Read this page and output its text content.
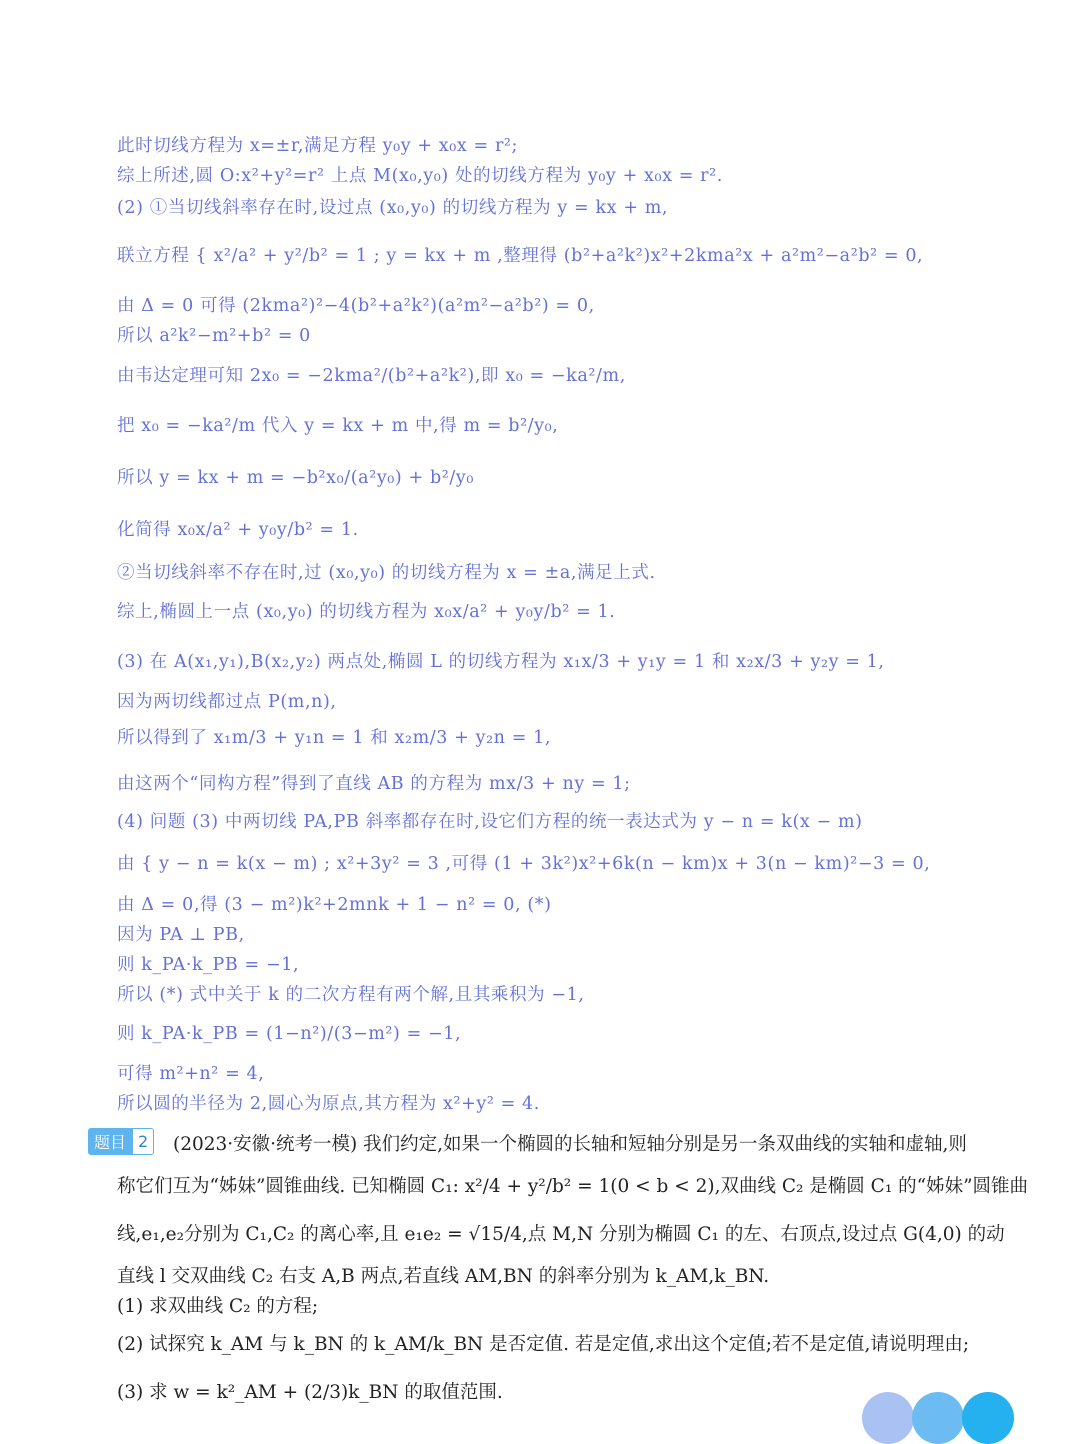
此时切线方程为 x=±r,满足方程 y₀y + x₀x = r²;
综上所述,圆 O:x²+y²=r² 上点 M(x₀,y₀) 处的切线方程为 y₀y + x₀x = r².
(2) ①当切线斜率存在时,设过点 (x₀,y₀) 的切线方程为 y = kx + m,
联立方程 { x²/a² + y²/b² = 1 ; y = kx + m ,整理得 (b²+a²k²)x²+2kma²x + a²m²−a²b² = 0,
由 Δ = 0 可得 (2kma²)²−4(b²+a²k²)(a²m²−a²b²) = 0,
所以 a²k²−m²+b² = 0
由韦达定理可知 2x₀ = −2kma²/(b²+a²k²),即 x₀ = −ka²/m,
把 x₀ = −ka²/m 代入 y = kx + m 中,得 m = b²/y₀,
所以 y = kx + m = −b²x₀/(a²y₀) + b²/y₀
化简得 x₀x/a² + y₀y/b² = 1.
②当切线斜率不存在时,过 (x₀,y₀) 的切线方程为 x = ±a,满足上式.
综上,椭圆上一点 (x₀,y₀) 的切线方程为 x₀x/a² + y₀y/b² = 1.
(3) 在 A(x₁,y₁),B(x₂,y₂) 两点处,椭圆 L 的切线方程为 x₁x/3 + y₁y = 1 和 x₂x/3 + y₂y = 1,
因为两切线都过点 P(m,n),
所以得到了 x₁m/3 + y₁n = 1 和 x₂m/3 + y₂n = 1,
由这两个“同构方程”得到了直线 AB 的方程为 mx/3 + ny = 1;
(4) 问题 (3) 中两切线 PA,PB 斜率都存在时,设它们方程的统一表达式为 y − n = k(x − m)
由 { y − n = k(x − m) ; x²+3y² = 3 ,可得 (1 + 3k²)x²+6k(n − km)x + 3(n − km)²−3 = 0,
由 Δ = 0,得 (3 − m²)k²+2mnk + 1 − n² = 0, (*)
因为 PA ⊥ PB,
则 k_PA·k_PB = −1,
所以 (*) 式中关于 k 的二次方程有两个解,且其乘积为 −1,
则 k_PA·k_PB = (1−n²)/(3−m²) = −1,
可得 m²+n² = 4,
所以圆的半径为 2,圆心为原点,其方程为 x²+y² = 4.
题目 2	(2023·安徽·统考一模) 我们约定,如果一个椭圆的长轴和短轴分别是另一条双曲线的实轴和虚轴,则
称它们互为“姊妹”圆锥曲线. 已知椭圆 C₁: x²/4 + y²/b² = 1(0 < b < 2),双曲线 C₂ 是椭圆 C₁ 的“姊妹”圆锥曲
线,e₁,e₂分别为 C₁,C₂ 的离心率,且 e₁e₂ = √15/4,点 M,N 分别为椭圆 C₁ 的左、右顶点,设过点 G(4,0) 的动
直线 l 交双曲线 C₂ 右支 A,B 两点,若直线 AM,BN 的斜率分别为 k_AM,k_BN.
(1) 求双曲线 C₂ 的方程;
(2) 试探究 k_AM 与 k_BN 的 k_AM/k_BN 是否定值. 若是定值,求出这个定值;若不是定值,请说明理由;
(3) 求 w = k²_AM + (2/3)k_BN 的取值范围.
